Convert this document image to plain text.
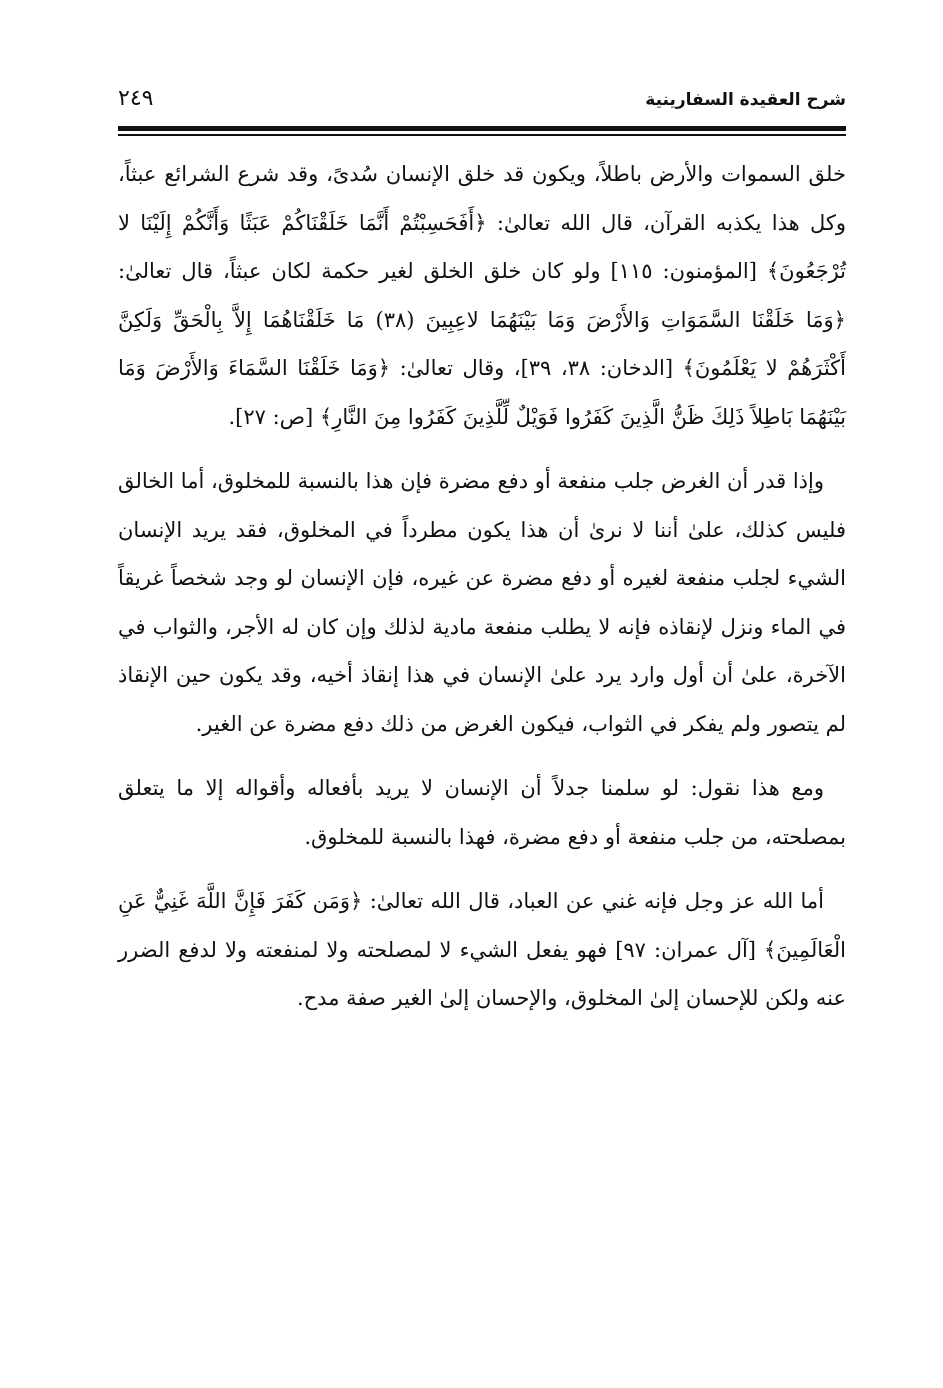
شرح العقيدة السفارينية
٢٤٩

خلق السموات والأرض باطلاً، ويكون قد خلق الإنسان سُدىً، وقد شرع الشرائع عبثاً، وكل هذا يكذبه القرآن، قال الله تعالىٰ: ﴿أَفَحَسِبْتُمْ أَنَّمَا خَلَقْنَاكُمْ عَبَثًا وَأَنَّكُمْ إِلَيْنَا لا تُرْجَعُونَ﴾ [المؤمنون: ١١٥] ولو كان خلق الخلق لغير حكمة لكان عبثاً، قال تعالىٰ: ﴿وَمَا خَلَقْنَا السَّمَوَاتِ وَالأَرْضَ وَمَا بَيْنَهُمَا لاعِبِينَ (٣٨) مَا خَلَقْنَاهُمَا إِلاَّ بِالْحَقِّ وَلَكِنَّ أَكْثَرَهُمْ لا يَعْلَمُونَ﴾ [الدخان: ٣٨، ٣٩]، وقال تعالىٰ: ﴿وَمَا خَلَقْنَا السَّمَاءَ وَالأَرْضَ وَمَا بَيْنَهُمَا بَاطِلاً ذَلِكَ ظَنُّ الَّذِينَ كَفَرُوا فَوَيْلٌ لِّلَّذِينَ كَفَرُوا مِنَ النَّارِ﴾ [ص: ٢٧].

وإذا قدر أن الغرض جلب منفعة أو دفع مضرة فإن هذا بالنسبة للمخلوق، أما الخالق فليس كذلك، علىٰ أننا لا نرىٰ أن هذا يكون مطرداً في المخلوق، فقد يريد الإنسان الشيء لجلب منفعة لغيره أو دفع مضرة عن غيره، فإن الإنسان لو وجد شخصاً غريقاً في الماء ونزل لإنقاذه فإنه لا يطلب منفعة مادية لذلك وإن كان له الأجر، والثواب في الآخرة، علىٰ أن أول وارد يرد علىٰ الإنسان في هذا إنقاذ أخيه، وقد يكون حين الإنقاذ لم يتصور ولم يفكر في الثواب، فيكون الغرض من ذلك دفع مضرة عن الغير.

ومع هذا نقول: لو سلمنا جدلاً أن الإنسان لا يريد بأفعاله وأقواله إلا ما يتعلق بمصلحته، من جلب منفعة أو دفع مضرة، فهذا بالنسبة للمخلوق.

أما الله عز وجل فإنه غني عن العباد، قال الله تعالىٰ: ﴿وَمَن كَفَرَ فَإِنَّ اللَّهَ غَنِيٌّ عَنِ الْعَالَمِينَ﴾ [آل عمران: ٩٧] فهو يفعل الشيء لا لمصلحته ولا لمنفعته ولا لدفع الضرر عنه ولكن للإحسان إلىٰ المخلوق، والإحسان إلىٰ الغير صفة مدح.
